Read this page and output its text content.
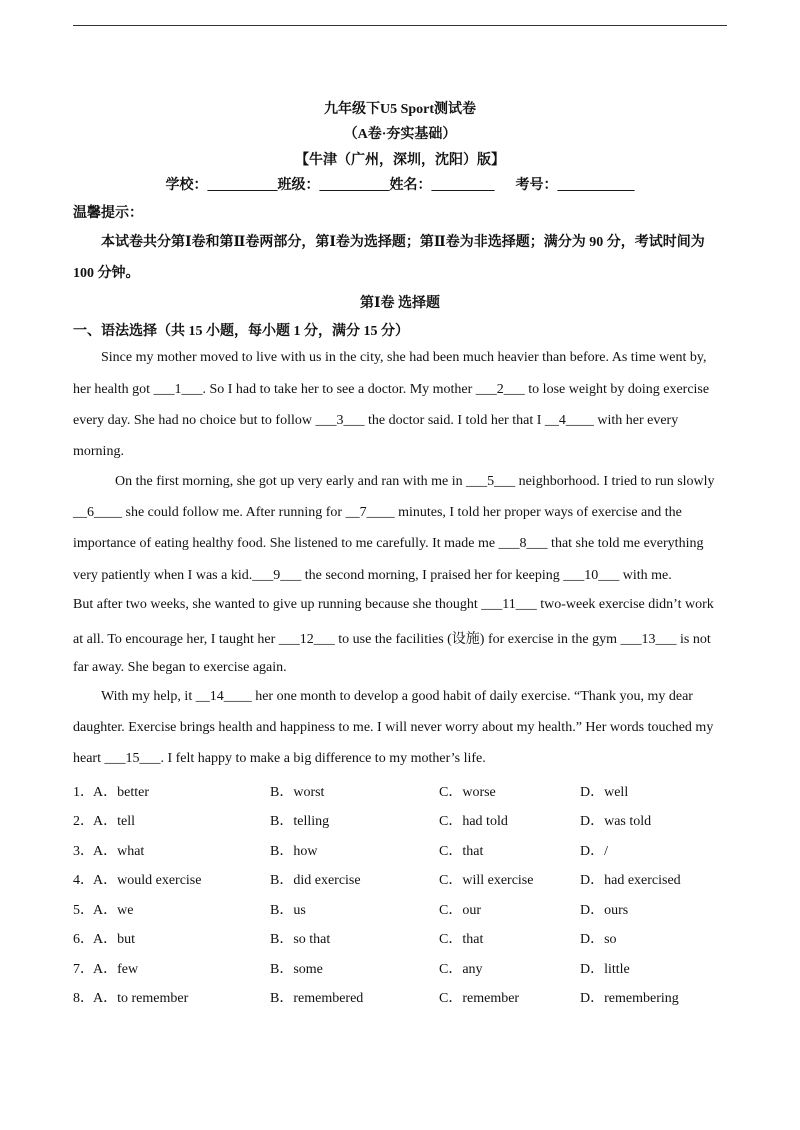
九年级下U5 Sport测试卷
（A卷·夯实基础）
【牛津（广州，深圳，沈阳）版】
学校：__________班级：__________姓名：_________      考号：___________
温馨提示：
本试卷共分第Ⅰ卷和第Ⅱ卷两部分，第Ⅰ卷为选择题；第Ⅱ卷为非选择题；满分为 90 分，考试时间为
100 分钟。
第Ⅰ卷 选择题
一、语法选择（共 15 小题，每小题 1 分，满分 15 分）
Since my mother moved to live with us in the city, she had been much heavier than before. As time went by,
her health got ___1___. So I had to take her to see a doctor. My mother ___2___ to lose weight by doing exercise
every day. She had no choice but to follow ___3___ the doctor said. I told her that I __4____ with her every
morning.
On the first morning, she got up very early and ran with me in ___5___ neighborhood. I tried to run slowly
__6____ she could follow me. After running for __7____ minutes, I told her proper ways of exercise and the
importance of eating healthy food. She listened to me carefully. It made me ___8___ that she told me everything
very patiently when I was a kid.___9___ the second morning, I praised her for keeping ___10___ with me.
But after two weeks, she wanted to give up running because she thought ___11___ two-week exercise didn’t work
at all. To encourage her, I taught her ___12___ to use the facilities (设施) for exercise in the gym ___13___ is not
far away. She began to exercise again.
With my help, it __14____ her one month to develop a good habit of daily exercise. “Thank you, my dear
daughter. Exercise brings health and happiness to me. I will never worry about my health.” Her words touched my
heart ___15___. I felt happy to make a big difference to my mother’s life.
1． A．better	B．worst	C．worse	D．well
2． A．tell	B．telling	C．had told	D．was told
3． A．what	B．how	C．that	D．/
4． A．would exercise	B．did exercise	C．will exercise	D．had exercised
5． A．we	B．us	C．our	D．ours
6． A．but	B．so that	C．that	D．so
7． A．few	B．some	C．any	D．little
8． A．to remember	B．remembered	C．remember	D．remembering
